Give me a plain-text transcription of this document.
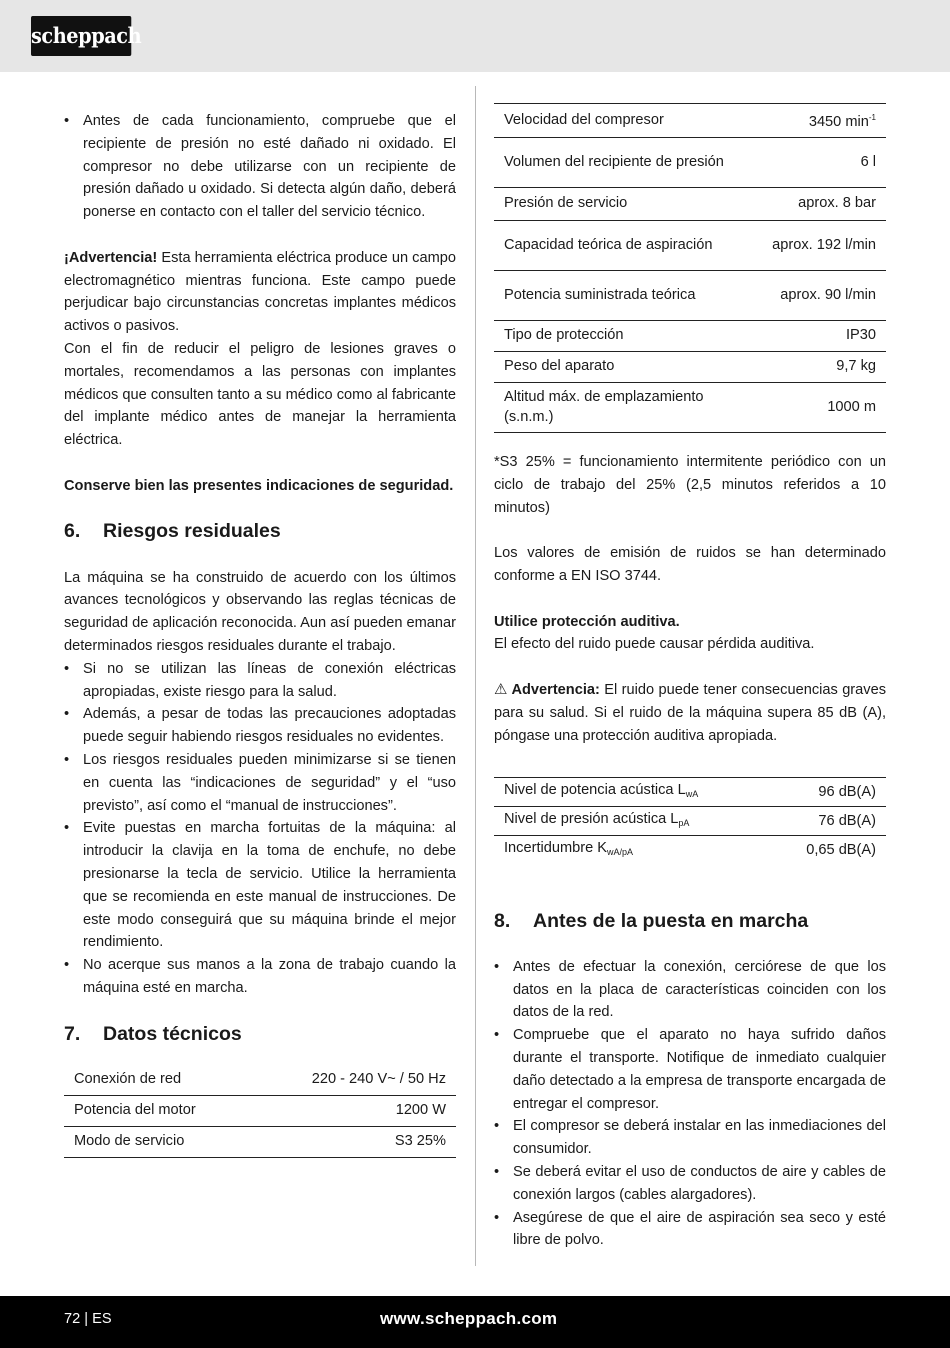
scheppach
• Antes de cada funcionamiento, compruebe que el recipiente de presión no esté dañado ni oxidado. El compresor no debe utilizarse con un recipiente de presión dañado u oxidado. Si detecta algún daño, deberá ponerse en contacto con el taller del servicio técnico.

¡Advertencia! Esta herramienta eléctrica produce un campo electromagnético mientras funciona. Este campo puede perjudicar bajo circunstancias concretas implantes médicos activos o pasivos.

Con el fin de reducir el peligro de lesiones graves o mortales, recomendamos a las personas con implantes médicos que consulten tanto a su médico como al fabricante del implante médico antes de manejar la herramienta eléctrica.

Conserve bien las presentes indicaciones de seguridad.

6. Riesgos residuales

La máquina se ha construido de acuerdo con los últimos avances tecnológicos y observando las reglas técnicas de seguridad de aplicación reconocida. Aun así pueden emanar determinados riesgos residuales durante el trabajo.

• Si no se utilizan las líneas de conexión eléctricas apropiadas, existe riesgo para la salud.
• Además, a pesar de todas las precauciones adoptadas puede seguir habiendo riesgos residuales no evidentes.
• Los riesgos residuales pueden minimizarse si se tienen en cuenta las “indicaciones de seguridad” y el “uso previsto”, así como el “manual de instrucciones”.
• Evite puestas en marcha fortuitas de la máquina: al introducir la clavija en la toma de enchufe, no debe presionarse la tecla de servicio. Utilice la herramienta que se recomienda en este manual de instrucciones. De este modo conseguirá que su máquina brinde el mejor rendimiento.
• No acerque sus manos a la zona de trabajo cuando la máquina esté en marcha.
7. Datos técnicos
Conexión de red	220 - 240 V~ / 50 Hz
Potencia del motor	1200 W
Modo de servicio	S3 25%
Velocidad del compresor	3450 $\min^{-1}$
Volumen del recipiente de presión	6 l
Presión de servicio	aprox. 8 bar
Capacidad teórica de aspiración	aprox. 192 l/min
Potencia suministrada teórica	aprox. 90 l/min
Tipo de protección	IP30
Peso del aparato	9,7 kg
Altitud máx. de emplazamiento (s.n.m.)	1000 m

*S3 25% = funcionamiento intermitente periódico con un ciclo de trabajo del 25% (2,5 minutos referidos a 10 minutos)

Los valores de emisión de ruidos se han determinado conforme a EN ISO 3744.

Utilice protección auditiva.

El efecto del ruido puede causar pérdida auditiva.

⚠ Advertencia: El ruido puede tener consecuencias graves para su salud. Si el ruido de la máquina supera 85 dB (A), póngase una protección auditiva apropiada.

Nivel de potencia acústica $L_{wA}$	96 dB(A)
Nivel de presión acústica $L_{pA}$	76 dB(A)
Incertidumbre $K_{wA/pA}$	0,65 dB(A)
8. Antes de la puesta en marcha
• Antes de efectuar la conexión, cerciórese de que los datos en la placa de características coinciden con los datos de la red.
• Compruebe que el aparato no haya sufrido daños durante el transporte. Notifique de inmediato cualquier daño detectado a la empresa de transporte encargada de entregar el compresor.
• El compresor se deberá instalar en las inmediaciones del consumidor.
• Se deberá evitar el uso de conductos de aire y cables de conexión largos (cables alargadores).
• Asegúrese de que el aire de aspiración sea seco y esté libre de polvo.
72 | ES	www.scheppach.com
